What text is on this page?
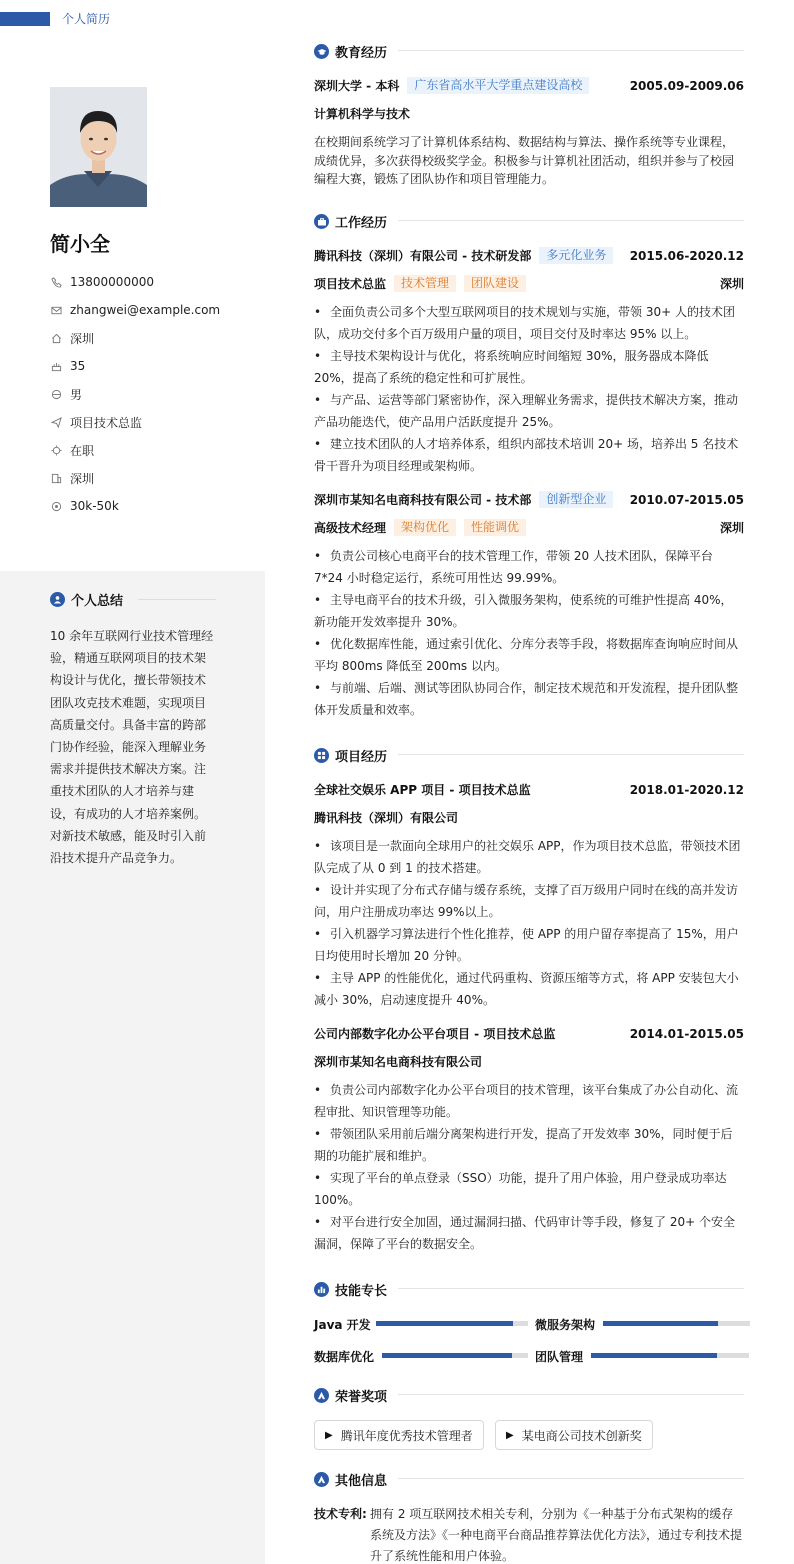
个人简历
简小全
13800000000
zhangwei@example.com
深圳
35
男
项目技术总监
在职
深圳
30k-50k
个人总结
10 余年互联网行业技术管理经验，精通互联网项目的技术架构设计与优化，擅长带领技术团队攻克技术难题，实现项目高质量交付。具备丰富的跨部门协作经验，能深入理解业务需求并提供技术解决方案。注重技术团队的人才培养与建设，有成功的人才培养案例。对新技术敏感，能及时引入前沿技术提升产品竞争力。
教育经历
深圳大学 - 本科	广东省高水平大学重点建设高校	2005.09-2009.06
计算机科学与技术
在校期间系统学习了计算机体系结构、数据结构与算法、操作系统等专业课程，成绩优异，多次获得校级奖学金。积极参与计算机社团活动，组织并参与了校园编程大赛，锻炼了团队协作和项目管理能力。
工作经历
腾讯科技（深圳）有限公司 - 技术研发部	多元化业务	2015.06-2020.12
项目技术总监	技术管理	团队建设	深圳
• 全面负责公司多个大型互联网项目的技术规划与实施，带领 30+ 人的技术团队，成功交付多个百万级用户量的项目，项目交付及时率达 95% 以上。
• 主导技术架构设计与优化，将系统响应时间缩短 30%，服务器成本降低 20%，提高了系统的稳定性和可扩展性。
• 与产品、运营等部门紧密协作，深入理解业务需求，提供技术解决方案，推动产品功能迭代，使产品用户活跃度提升 25%。
• 建立技术团队的人才培养体系，组织内部技术培训 20+ 场，培养出 5 名技术骨干晋升为项目经理或架构师。
深圳市某知名电商科技有限公司 - 技术部	创新型企业	2010.07-2015.05
高级技术经理	架构优化	性能调优	深圳
• 负责公司核心电商平台的技术管理工作，带领 20 人技术团队，保障平台 7*24 小时稳定运行，系统可用性达 99.99%。
• 主导电商平台的技术升级，引入微服务架构，使系统的可维护性提高 40%，新功能开发效率提升 30%。
• 优化数据库性能，通过索引优化、分库分表等手段，将数据库查询响应时间从平均 800ms 降低至 200ms 以内。
• 与前端、后端、测试等团队协同合作，制定技术规范和开发流程，提升团队整体开发质量和效率。
项目经历
全球社交娱乐 APP 项目 - 项目技术总监	2018.01-2020.12
腾讯科技（深圳）有限公司
• 该项目是一款面向全球用户的社交娱乐 APP，作为项目技术总监，带领技术团队完成了从 0 到 1 的技术搭建。
• 设计并实现了分布式存储与缓存系统，支撑了百万级用户同时在线的高并发访问，用户注册成功率达 99%以上。
• 引入机器学习算法进行个性化推荐，使 APP 的用户留存率提高了 15%，用户日均使用时长增加 20 分钟。
• 主导 APP 的性能优化，通过代码重构、资源压缩等方式，将 APP 安装包大小减小 30%，启动速度提升 40%。
公司内部数字化办公平台项目 - 项目技术总监	2014.01-2015.05
深圳市某知名电商科技有限公司
• 负责公司内部数字化办公平台项目的技术管理，该平台集成了办公自动化、流程审批、知识管理等功能。
• 带领团队采用前后端分离架构进行开发，提高了开发效率 30%，同时便于后期的功能扩展和维护。
• 实现了平台的单点登录（SSO）功能，提升了用户体验，用户登录成功率达 100%。
• 对平台进行安全加固，通过漏洞扫描、代码审计等手段，修复了 20+ 个安全漏洞，保障了平台的数据安全。
技能专长
Java 开发	微服务架构
数据库优化	团队管理
荣誉奖项
▶ 腾讯年度优秀技术管理者	▶ 某电商公司技术创新奖
其他信息
技术专利: 拥有 2 项互联网技术相关专利，分别为《一种基于分布式架构的缓存系统及方法》《一种电商平台商品推荐算法优化方法》，通过专利技术提升了系统性能和用户体验。
